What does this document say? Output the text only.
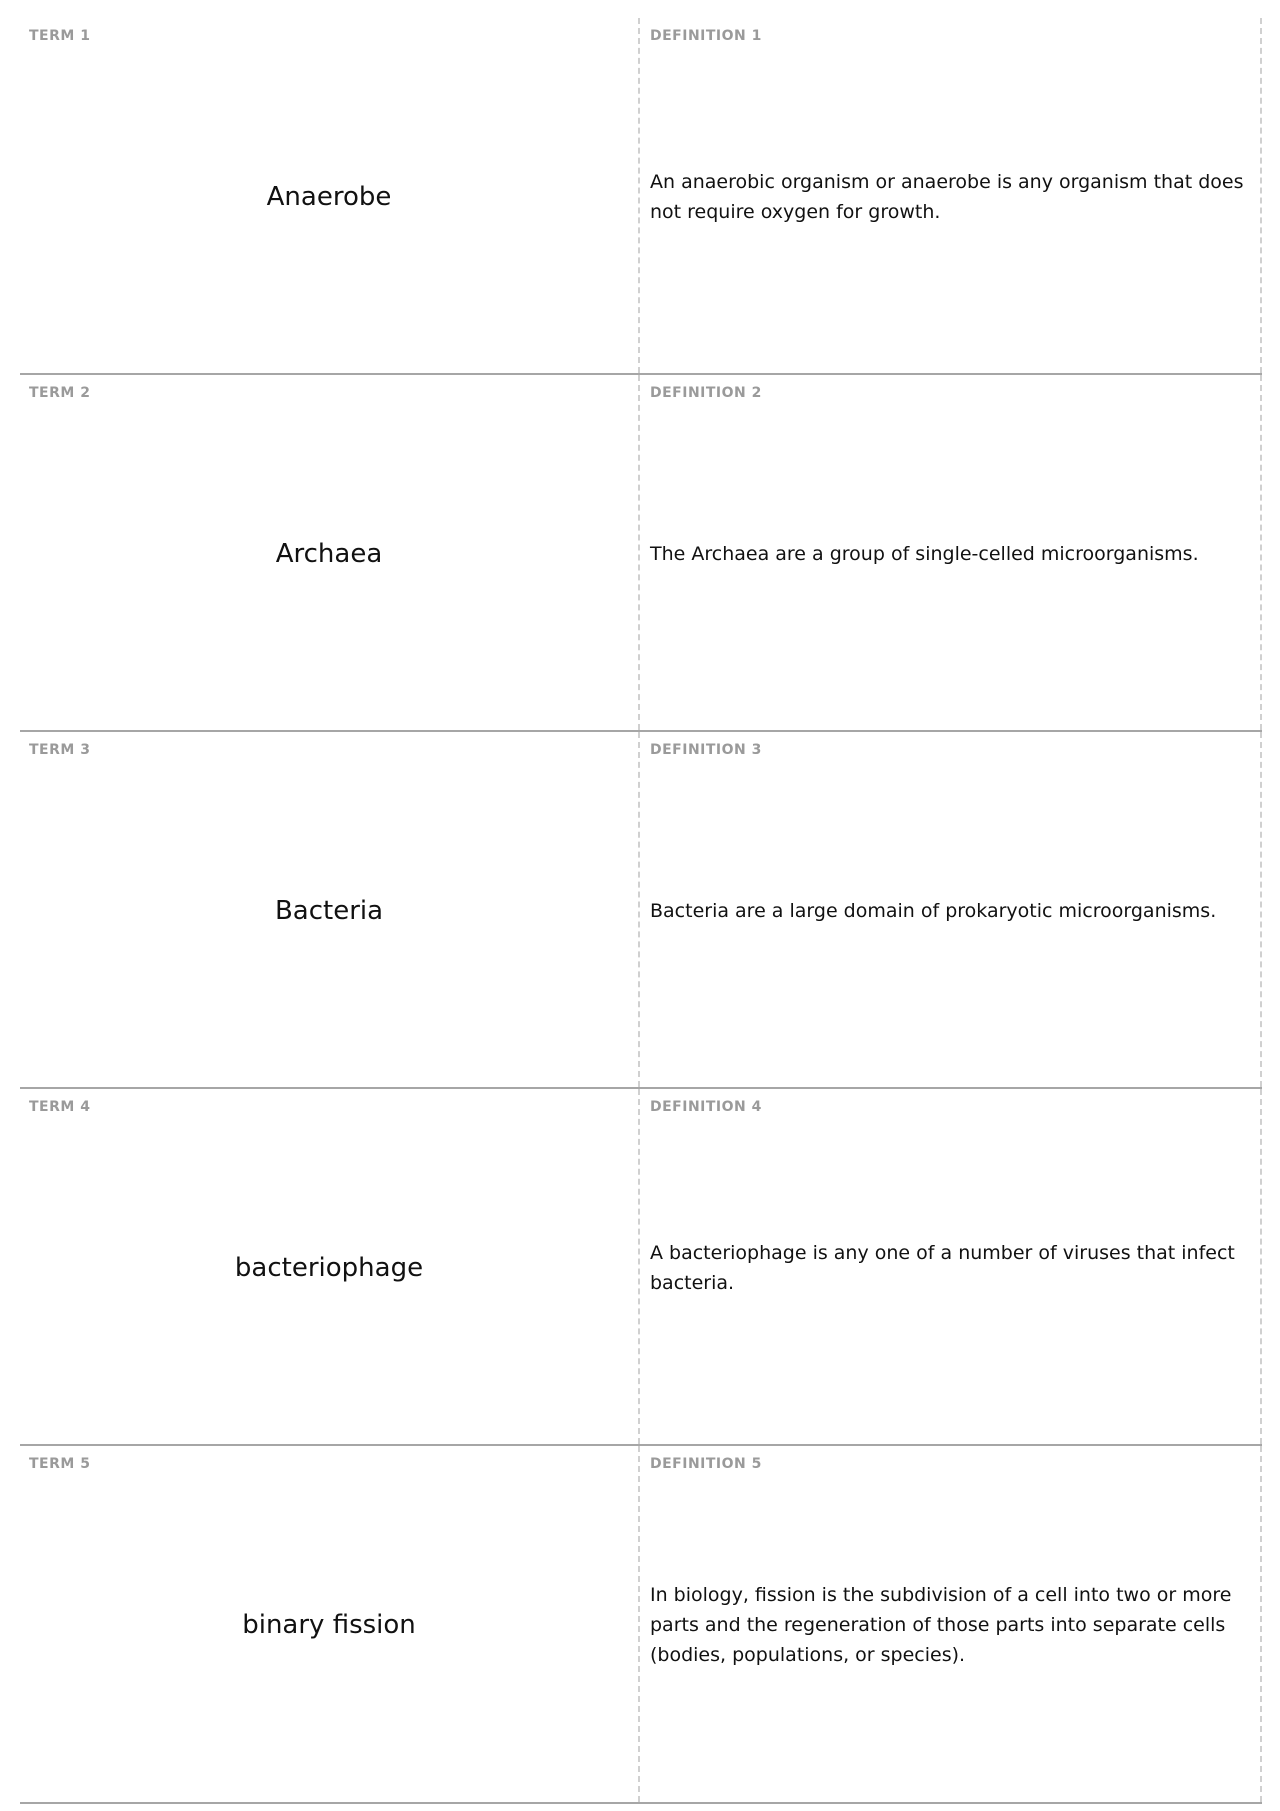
TERM 1
Anaerobe
DEFINITION 1
An anaerobic organism or anaerobe is any organism that does not require oxygen for growth.
TERM 2
Archaea
DEFINITION 2
The Archaea are a group of single-celled microorganisms.
TERM 3
Bacteria
DEFINITION 3
Bacteria are a large domain of prokaryotic microorganisms.
TERM 4
bacteriophage
DEFINITION 4
A bacteriophage is any one of a number of viruses that infect bacteria.
TERM 5
binary fission
DEFINITION 5
In biology, fission is the subdivision of a cell into two or more parts and the regeneration of those parts into separate cells (bodies, populations, or species).
